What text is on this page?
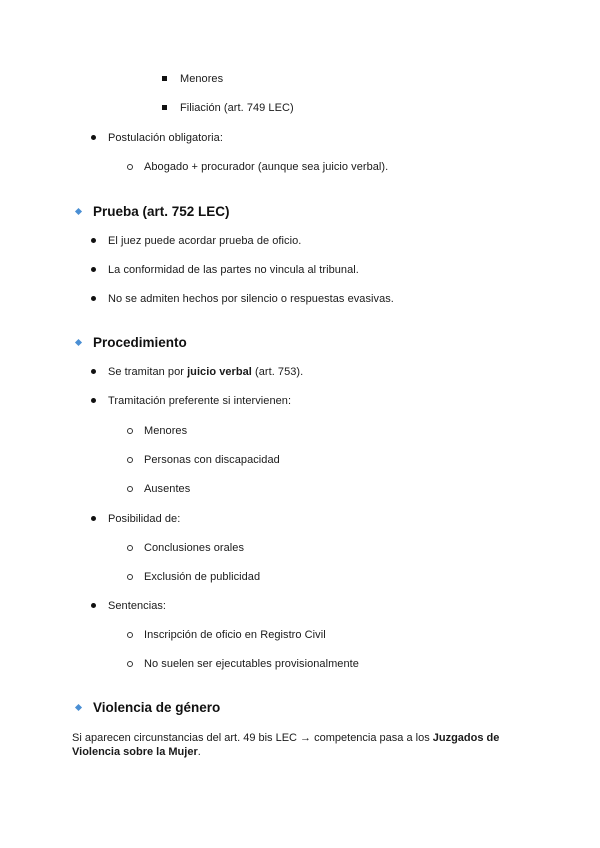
Menores
Filiación (art. 749 LEC)
Postulación obligatoria:
Abogado + procurador (aunque sea juicio verbal).
Prueba (art. 752 LEC)
El juez puede acordar prueba de oficio.
La conformidad de las partes no vincula al tribunal.
No se admiten hechos por silencio o respuestas evasivas.
Procedimiento
Se tramitan por juicio verbal (art. 753).
Tramitación preferente si intervienen:
Menores
Personas con discapacidad
Ausentes
Posibilidad de:
Conclusiones orales
Exclusión de publicidad
Sentencias:
Inscripción de oficio en Registro Civil
No suelen ser ejecutables provisionalmente
Violencia de género
Si aparecen circunstancias del art. 49 bis LEC → competencia pasa a los Juzgados de Violencia sobre la Mujer.
